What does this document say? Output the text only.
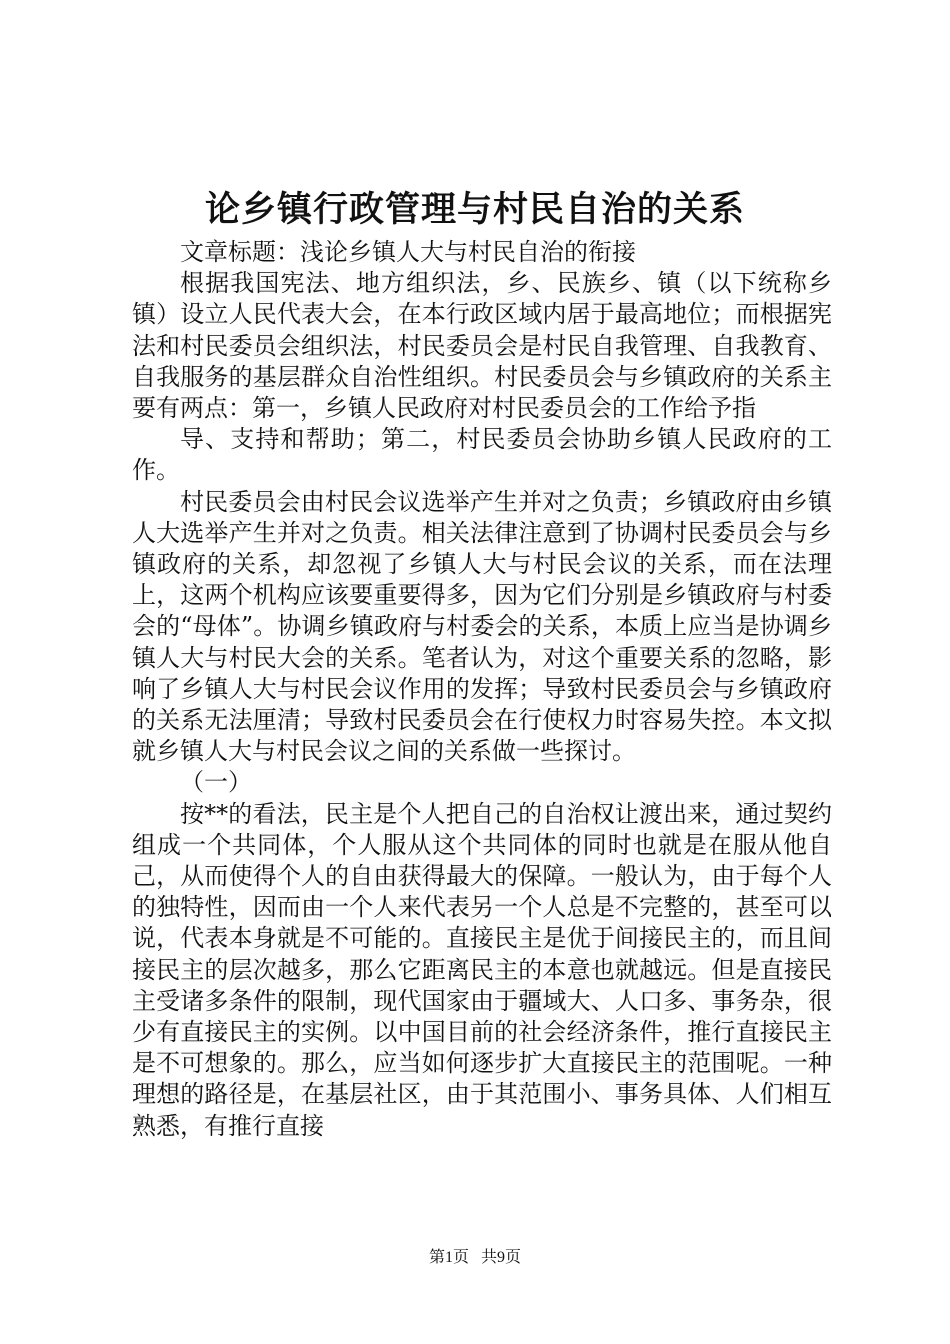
论乡镇行政管理与村民自治的关系

文章标题：浅论乡镇人大与村民自治的衔接

根据我国宪法、地方组织法，乡、民族乡、镇（以下统称乡镇）设立人民代表大会，在本行政区域内居于最高地位；而根据宪法和村民委员会组织法，村民委员会是村民自我管理、自我教育、自我服务的基层群众自治性组织。村民委员会与乡镇政府的关系主要有两点：第一，乡镇人民政府对村民委员会的工作给予指

导、支持和帮助；第二，村民委员会协助乡镇人民政府的工作。

村民委员会由村民会议选举产生并对之负责；乡镇政府由乡镇人大选举产生并对之负责。相关法律注意到了协调村民委员会与乡镇政府的关系，却忽视了乡镇人大与村民会议的关系，而在法理上，这两个机构应该要重要得多，因为它们分别是乡镇政府与村委会的“母体”。协调乡镇政府与村委会的关系，本质上应当是协调乡镇人大与村民大会的关系。笔者认为，对这个重要关系的忽略，影响了乡镇人大与村民会议作用的发挥；导致村民委员会与乡镇政府的关系无法厘清；导致村民委员会在行使权力时容易失控。本文拟就乡镇人大与村民会议之间的关系做一些探讨。

（一）

按**的看法，民主是个人把自己的自治权让渡出来，通过契约组成一个共同体，个人服从这个共同体的同时也就是在服从他自己，从而使得个人的自由获得最大的保障。一般认为，由于每个人的独特性，因而由一个人来代表另一个人总是不完整的，甚至可以说，代表本身就是不可能的。直接民主是优于间接民主的，而且间接民主的层次越多，那么它距离民主的本意也就越远。但是直接民主受诸多条件的限制，现代国家由于疆域大、人口多、事务杂，很少有直接民主的实例。以中国目前的社会经济条件，推行直接民主是不可想象的。那么，应当如何逐步扩大直接民主的范围呢。一种理想的路径是，在基层社区，由于其范围小、事务具体、人们相互熟悉，有推行直接

第1页 共9页
